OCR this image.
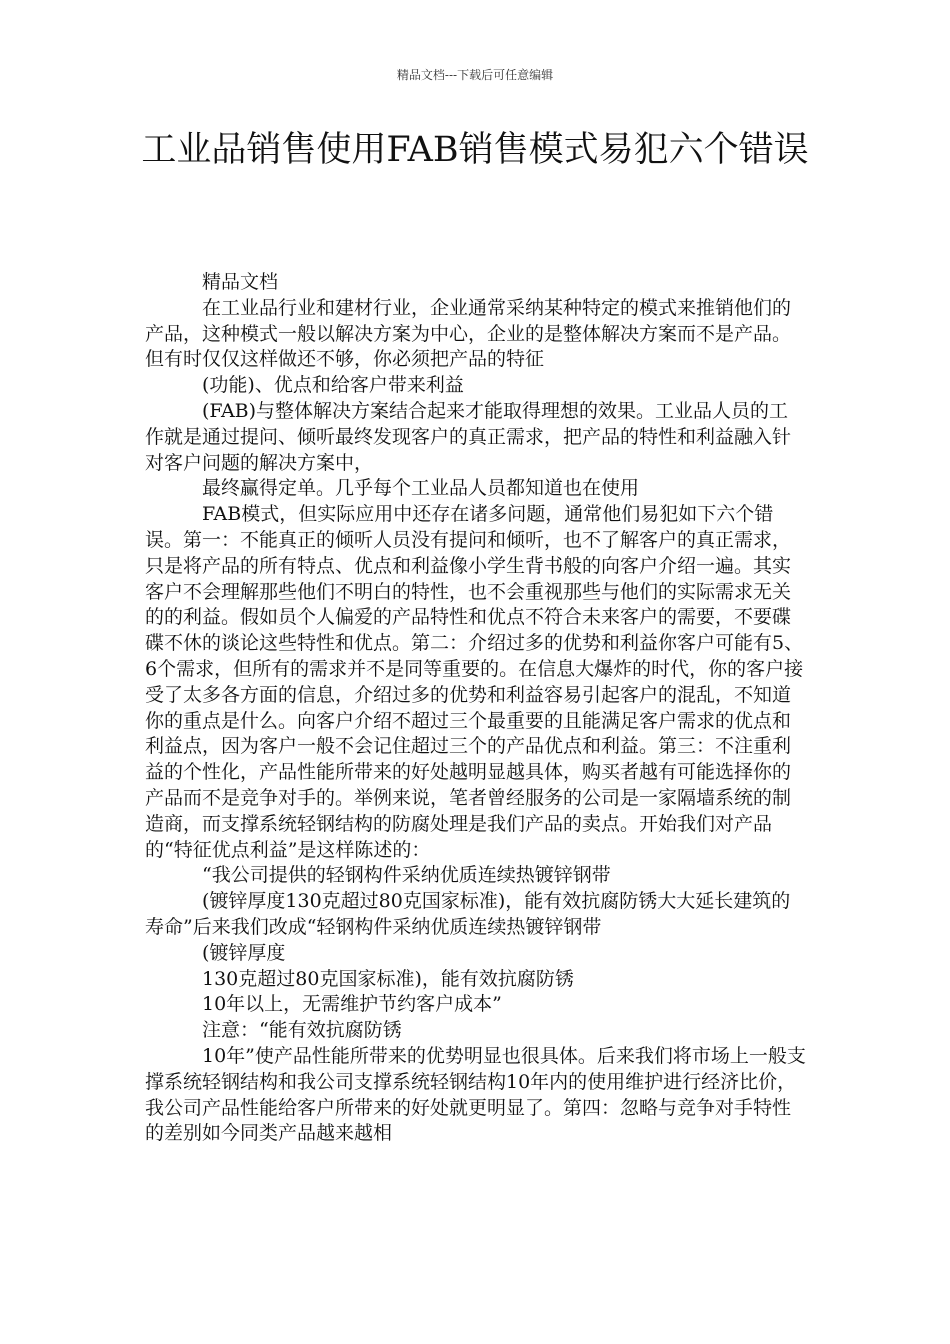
精品文档---下载后可任意编辑
工业品销售使用FAB销售模式易犯六个错误

精品文档

在工业品行业和建材行业，企业通常采纳某种特定的模式来推销他们的产品，这种模式一般以解决方案为中心，企业的是整体解决方案而不是产品。但有时仅仅这样做还不够，你必须把产品的特征

(功能)、优点和给客户带来利益

(FAB)与整体解决方案结合起来才能取得理想的效果。工业品人员的工作就是通过提问、倾听最终发现客户的真正需求，把产品的特性和利益融入针对客户问题的解决方案中，

最终赢得定单。几乎每个工业品人员都知道也在使用

FAB模式，但实际应用中还存在诸多问题，通常他们易犯如下六个错误。第一：不能真正的倾听人员没有提问和倾听，也不了解客户的真正需求，只是将产品的所有特点、优点和利益像小学生背书般的向客户介绍一遍。其实客户不会理解那些他们不明白的特性，也不会重视那些与他们的实际需求无关的的利益。假如员个人偏爱的产品特性和优点不符合未来客户的需要，不要碟碟不休的谈论这些特性和优点。第二：介绍过多的优势和利益你客户可能有5、6个需求，但所有的需求并不是同等重要的。在信息大爆炸的时代，你的客户接受了太多各方面的信息，介绍过多的优势和利益容易引起客户的混乱，不知道你的重点是什么。向客户介绍不超过三个最重要的且能满足客户需求的优点和利益点，因为客户一般不会记住超过三个的产品优点和利益。第三：不注重利益的个性化，产品性能所带来的好处越明显越具体，购买者越有可能选择你的产品而不是竞争对手的。举例来说，笔者曾经服务的公司是一家隔墙系统的制造商，而支撑系统轻钢结构的防腐处理是我们产品的卖点。开始我们对产品的“特征优点利益”是这样陈述的：

“我公司提供的轻钢构件采纳优质连续热镀锌钢带

(镀锌厚度130克超过80克国家标准)，能有效抗腐防锈大大延长建筑的寿命”后来我们改成“轻钢构件采纳优质连续热镀锌钢带

(镀锌厚度

130克超过80克国家标准)，能有效抗腐防锈

10年以上，无需维护节约客户成本”

注意：“能有效抗腐防锈

10年”使产品性能所带来的优势明显也很具体。后来我们将市场上一般支撑系统轻钢结构和我公司支撑系统轻钢结构10年内的使用维护进行经济比价，我公司产品性能给客户所带来的好处就更明显了。第四：忽略与竞争对手特性的差别如今同类产品越来越相
